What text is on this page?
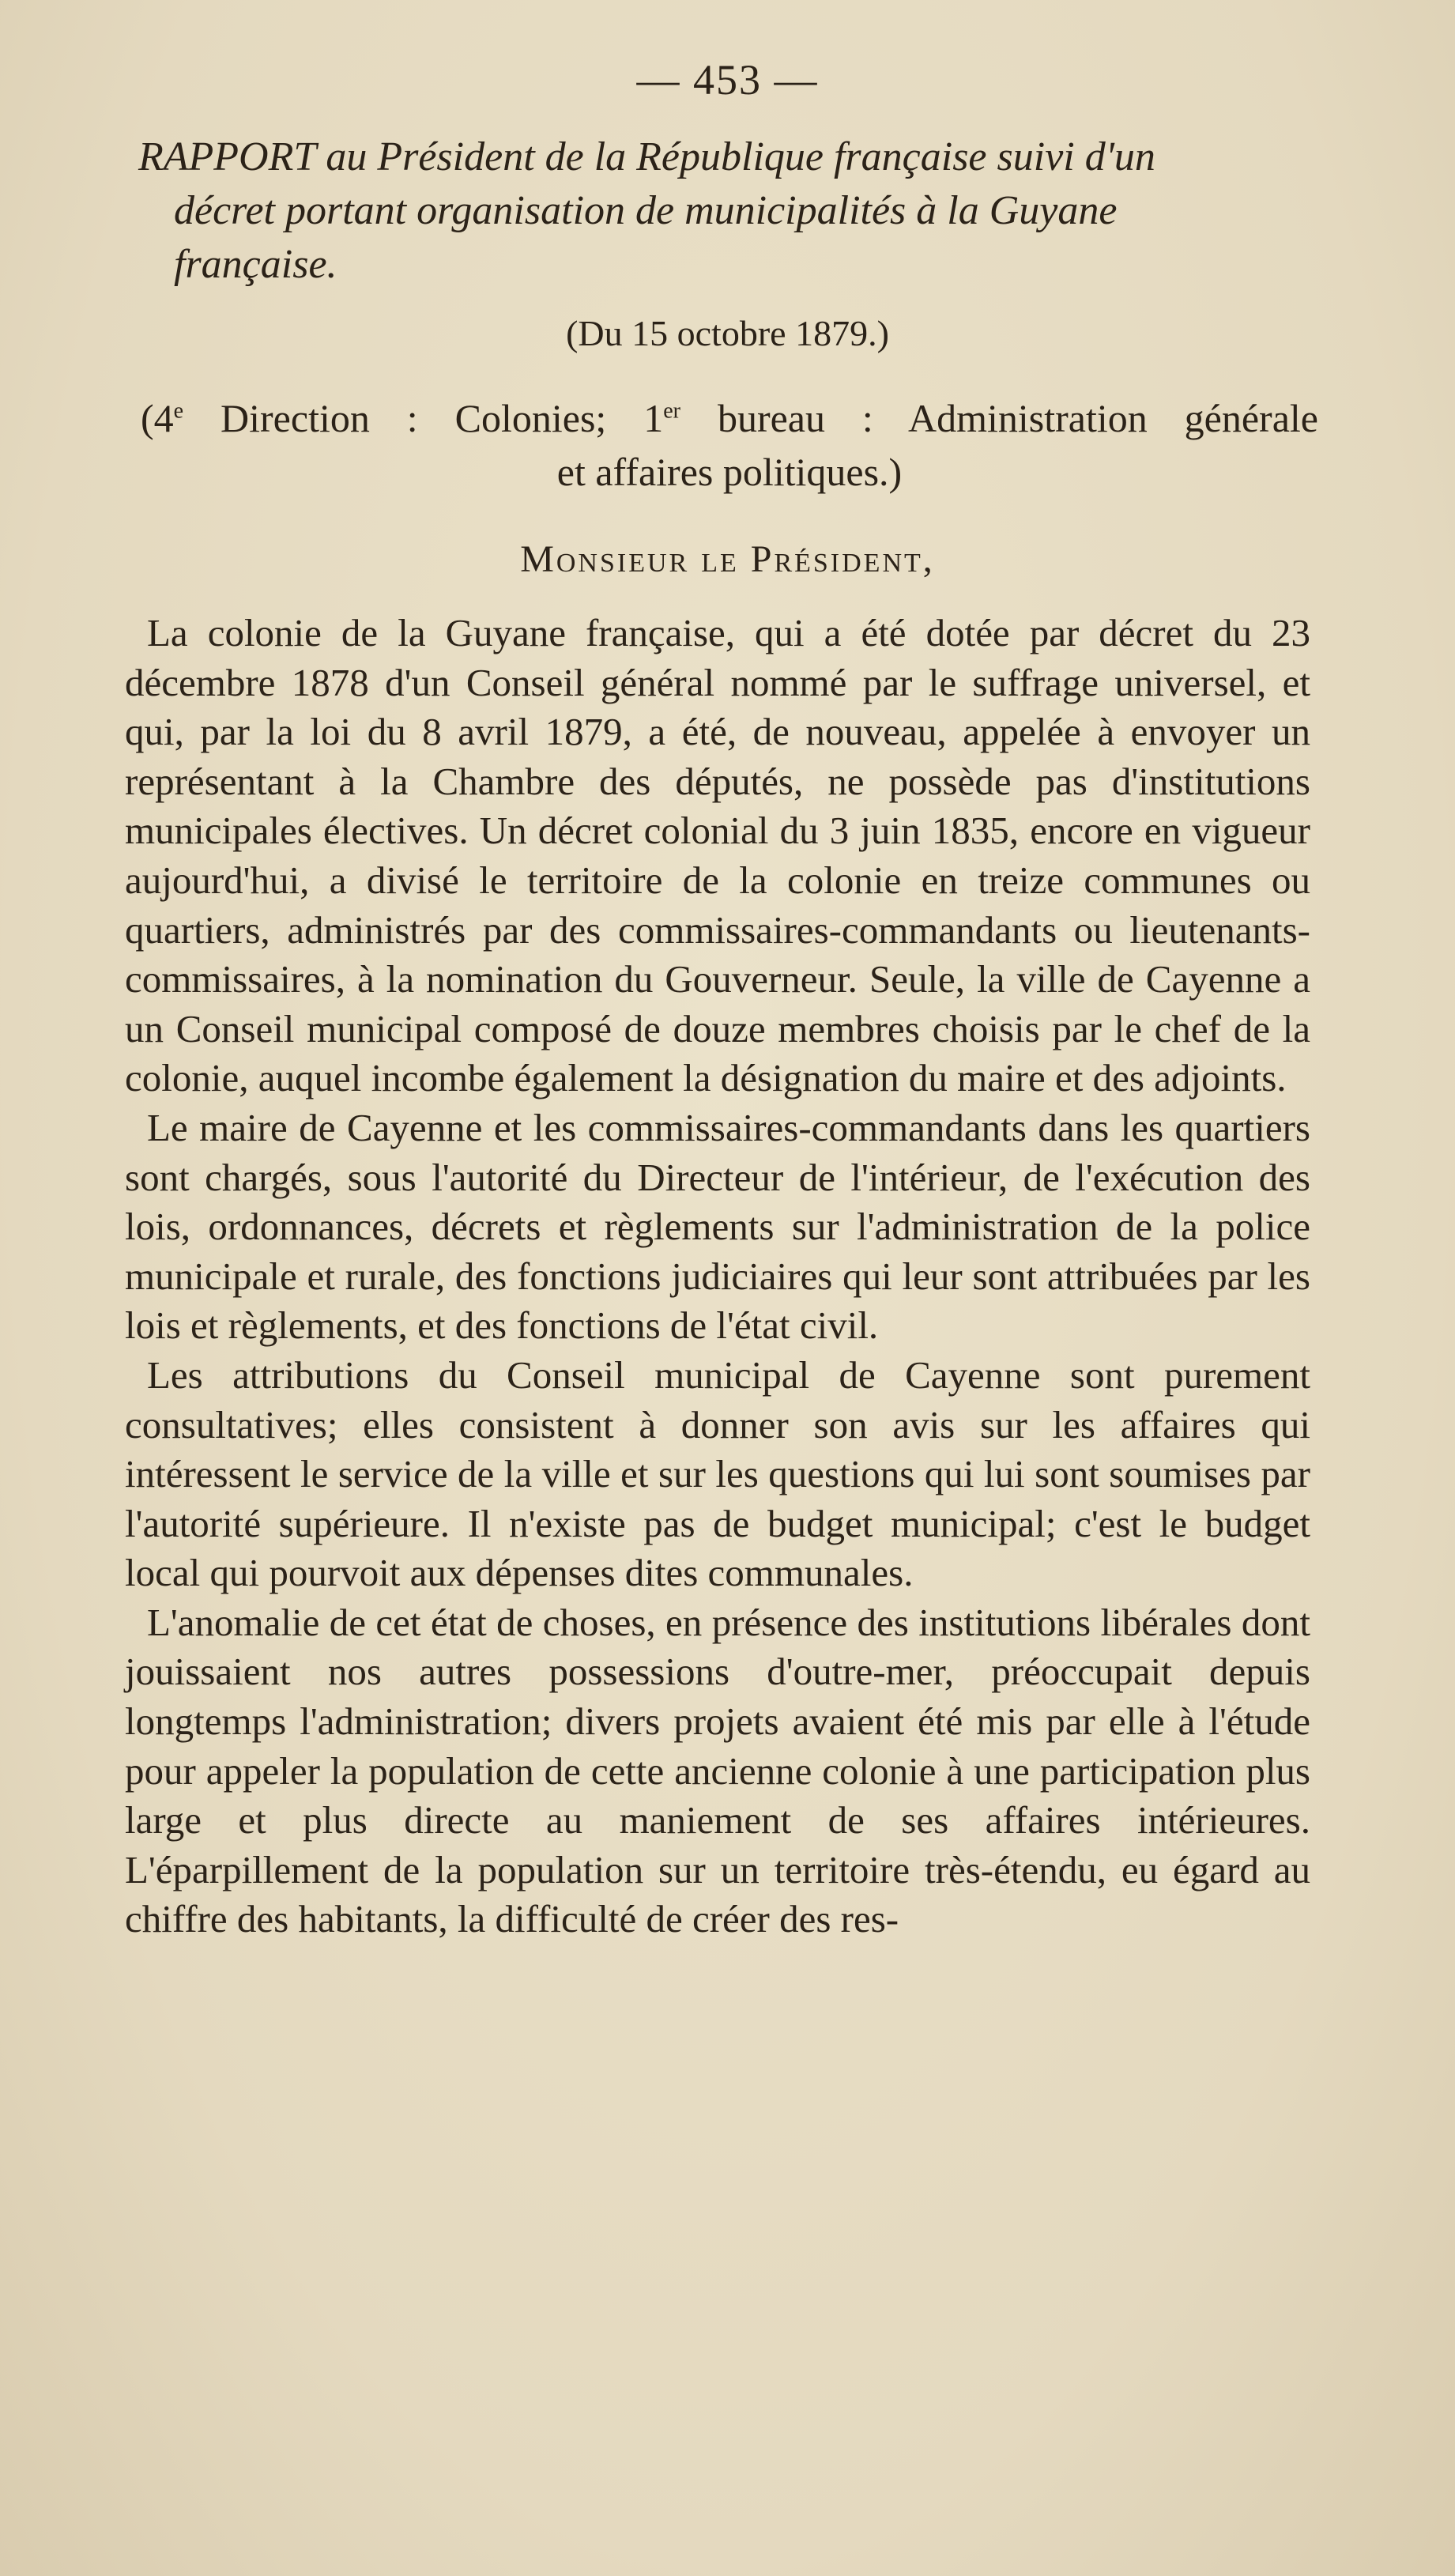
— 453 —
RAPPORT au Président de la République française suivi d'un
décret portant organisation de municipalités à la Guyane
française.
(Du 15 octobre 1879.)
(4e Direction : Colonies; 1er bureau : Administration générale
et affaires politiques.)
Monsieur le Président,

La colonie de la Guyane française, qui a été dotée par décret du 23 décembre 1878 d'un Conseil général nommé par le suffrage universel, et qui, par la loi du 8 avril 1879, a été, de nouveau, appelée à envoyer un représentant à la Chambre des députés, ne possède pas d'institutions municipales électives. Un décret colonial du 3 juin 1835, encore en vigueur aujourd'hui, a divisé le territoire de la colonie en treize communes ou quartiers, administrés par des commissaires-commandants ou lieutenants-commissaires, à la nomination du Gouverneur. Seule, la ville de Cayenne a un Conseil municipal composé de douze membres choisis par le chef de la colonie, auquel incombe également la désignation du maire et des adjoints.

Le maire de Cayenne et les commissaires-commandants dans les quartiers sont chargés, sous l'autorité du Directeur de l'intérieur, de l'exécution des lois, ordonnances, décrets et règlements sur l'administration de la police municipale et rurale, des fonctions judiciaires qui leur sont attribuées par les lois et règlements, et des fonctions de l'état civil.

Les attributions du Conseil municipal de Cayenne sont purement consultatives; elles consistent à donner son avis sur les affaires qui intéressent le service de la ville et sur les questions qui lui sont soumises par l'autorité supérieure. Il n'existe pas de budget municipal; c'est le budget local qui pourvoit aux dépenses dites communales.

L'anomalie de cet état de choses, en présence des institutions libérales dont jouissaient nos autres possessions d'outre-mer, préoccupait depuis longtemps l'administration; divers projets avaient été mis par elle à l'étude pour appeler la population de cette ancienne colonie à une participation plus large et plus directe au maniement de ses affaires intérieures. L'éparpillement de la population sur un territoire très-étendu, eu égard au chiffre des habitants, la difficulté de créer des res-
